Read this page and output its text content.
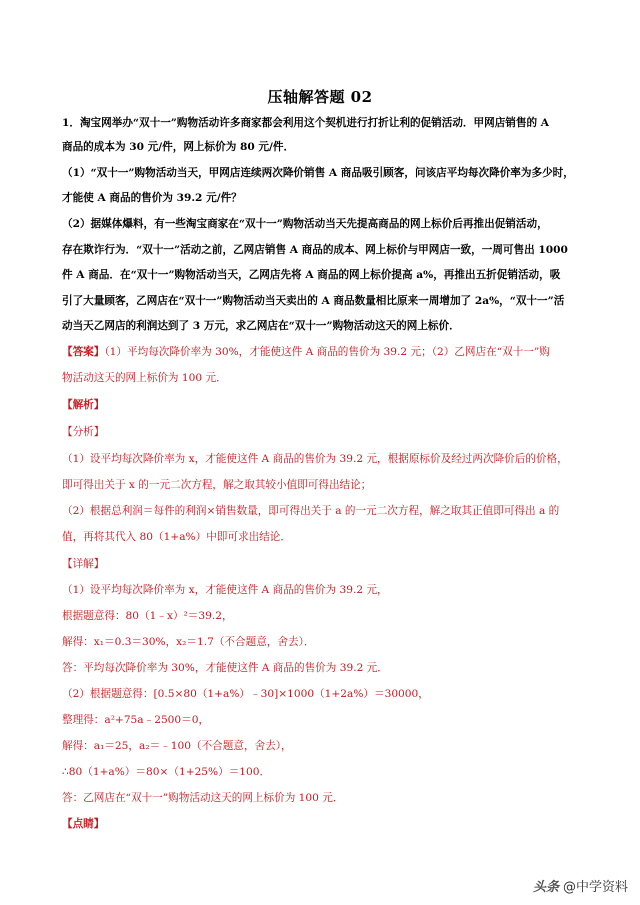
压轴解答题 02
1．淘宝网举办“双十一”购物活动许多商家都会利用这个契机进行打折让利的促销活动．甲网店销售的 A
商品的成本为 30 元/件，网上标价为 80 元/件．
（1）“双十一”购物活动当天，甲网店连续两次降价销售 A 商品吸引顾客，问该店平均每次降价率为多少时，
才能使 A 商品的售价为 39.2 元/件？
（2）据媒体爆料，有一些淘宝商家在“双十一”购物活动当天先提高商品的网上标价后再推出促销活动，
存在欺诈行为．“双十一”活动之前，乙网店销售 A 商品的成本、网上标价与甲网店一致，一周可售出 1000
件 A 商品．在“双十一”购物活动当天，乙网店先将 A 商品的网上标价提高 a%，再推出五折促销活动，吸
引了大量顾客，乙网店在“双十一”购物活动当天卖出的 A 商品数量相比原来一周增加了 2a%，“双十一”活
动当天乙网店的利润达到了 3 万元，求乙网店在“双十一”购物活动这天的网上标价．
【答案】（1）平均每次降价率为 30%，才能使这件 A 商品的售价为 39.2 元；（2）乙网店在“双十一”购
物活动这天的网上标价为 100 元．
【解析】
【分析】
（1）设平均每次降价率为 x，才能使这件 A 商品的售价为 39.2 元，根据原标价及经过两次降价后的价格，
即可得出关于 x 的一元二次方程，解之取其较小值即可得出结论；
（2）根据总利润＝每件的利润×销售数量，即可得出关于 a 的一元二次方程，解之取其正值即可得出 a 的
值，再将其代入 80（1+a%）中即可求出结论．
【详解】
（1）设平均每次降价率为 x，才能使这件 A 商品的售价为 39.2 元，
根据题意得：80（1﹣x）²＝39.2，
解得：x₁＝0.3＝30%，x₂＝1.7（不合题意，舍去）．
答：平均每次降价率为 30%，才能使这件 A 商品的售价为 39.2 元．
（2）根据题意得：[0.5×80（1+a%）﹣30]×1000（1+2a%）＝30000，
整理得：a²+75a﹣2500＝0，
解得：a₁＝25，a₂＝﹣100（不合题意，舍去），
∴80（1+a%）＝80×（1+25%）＝100．
答：乙网店在“双十一”购物活动这天的网上标价为 100 元．
【点睛】
头条 @中学资料
